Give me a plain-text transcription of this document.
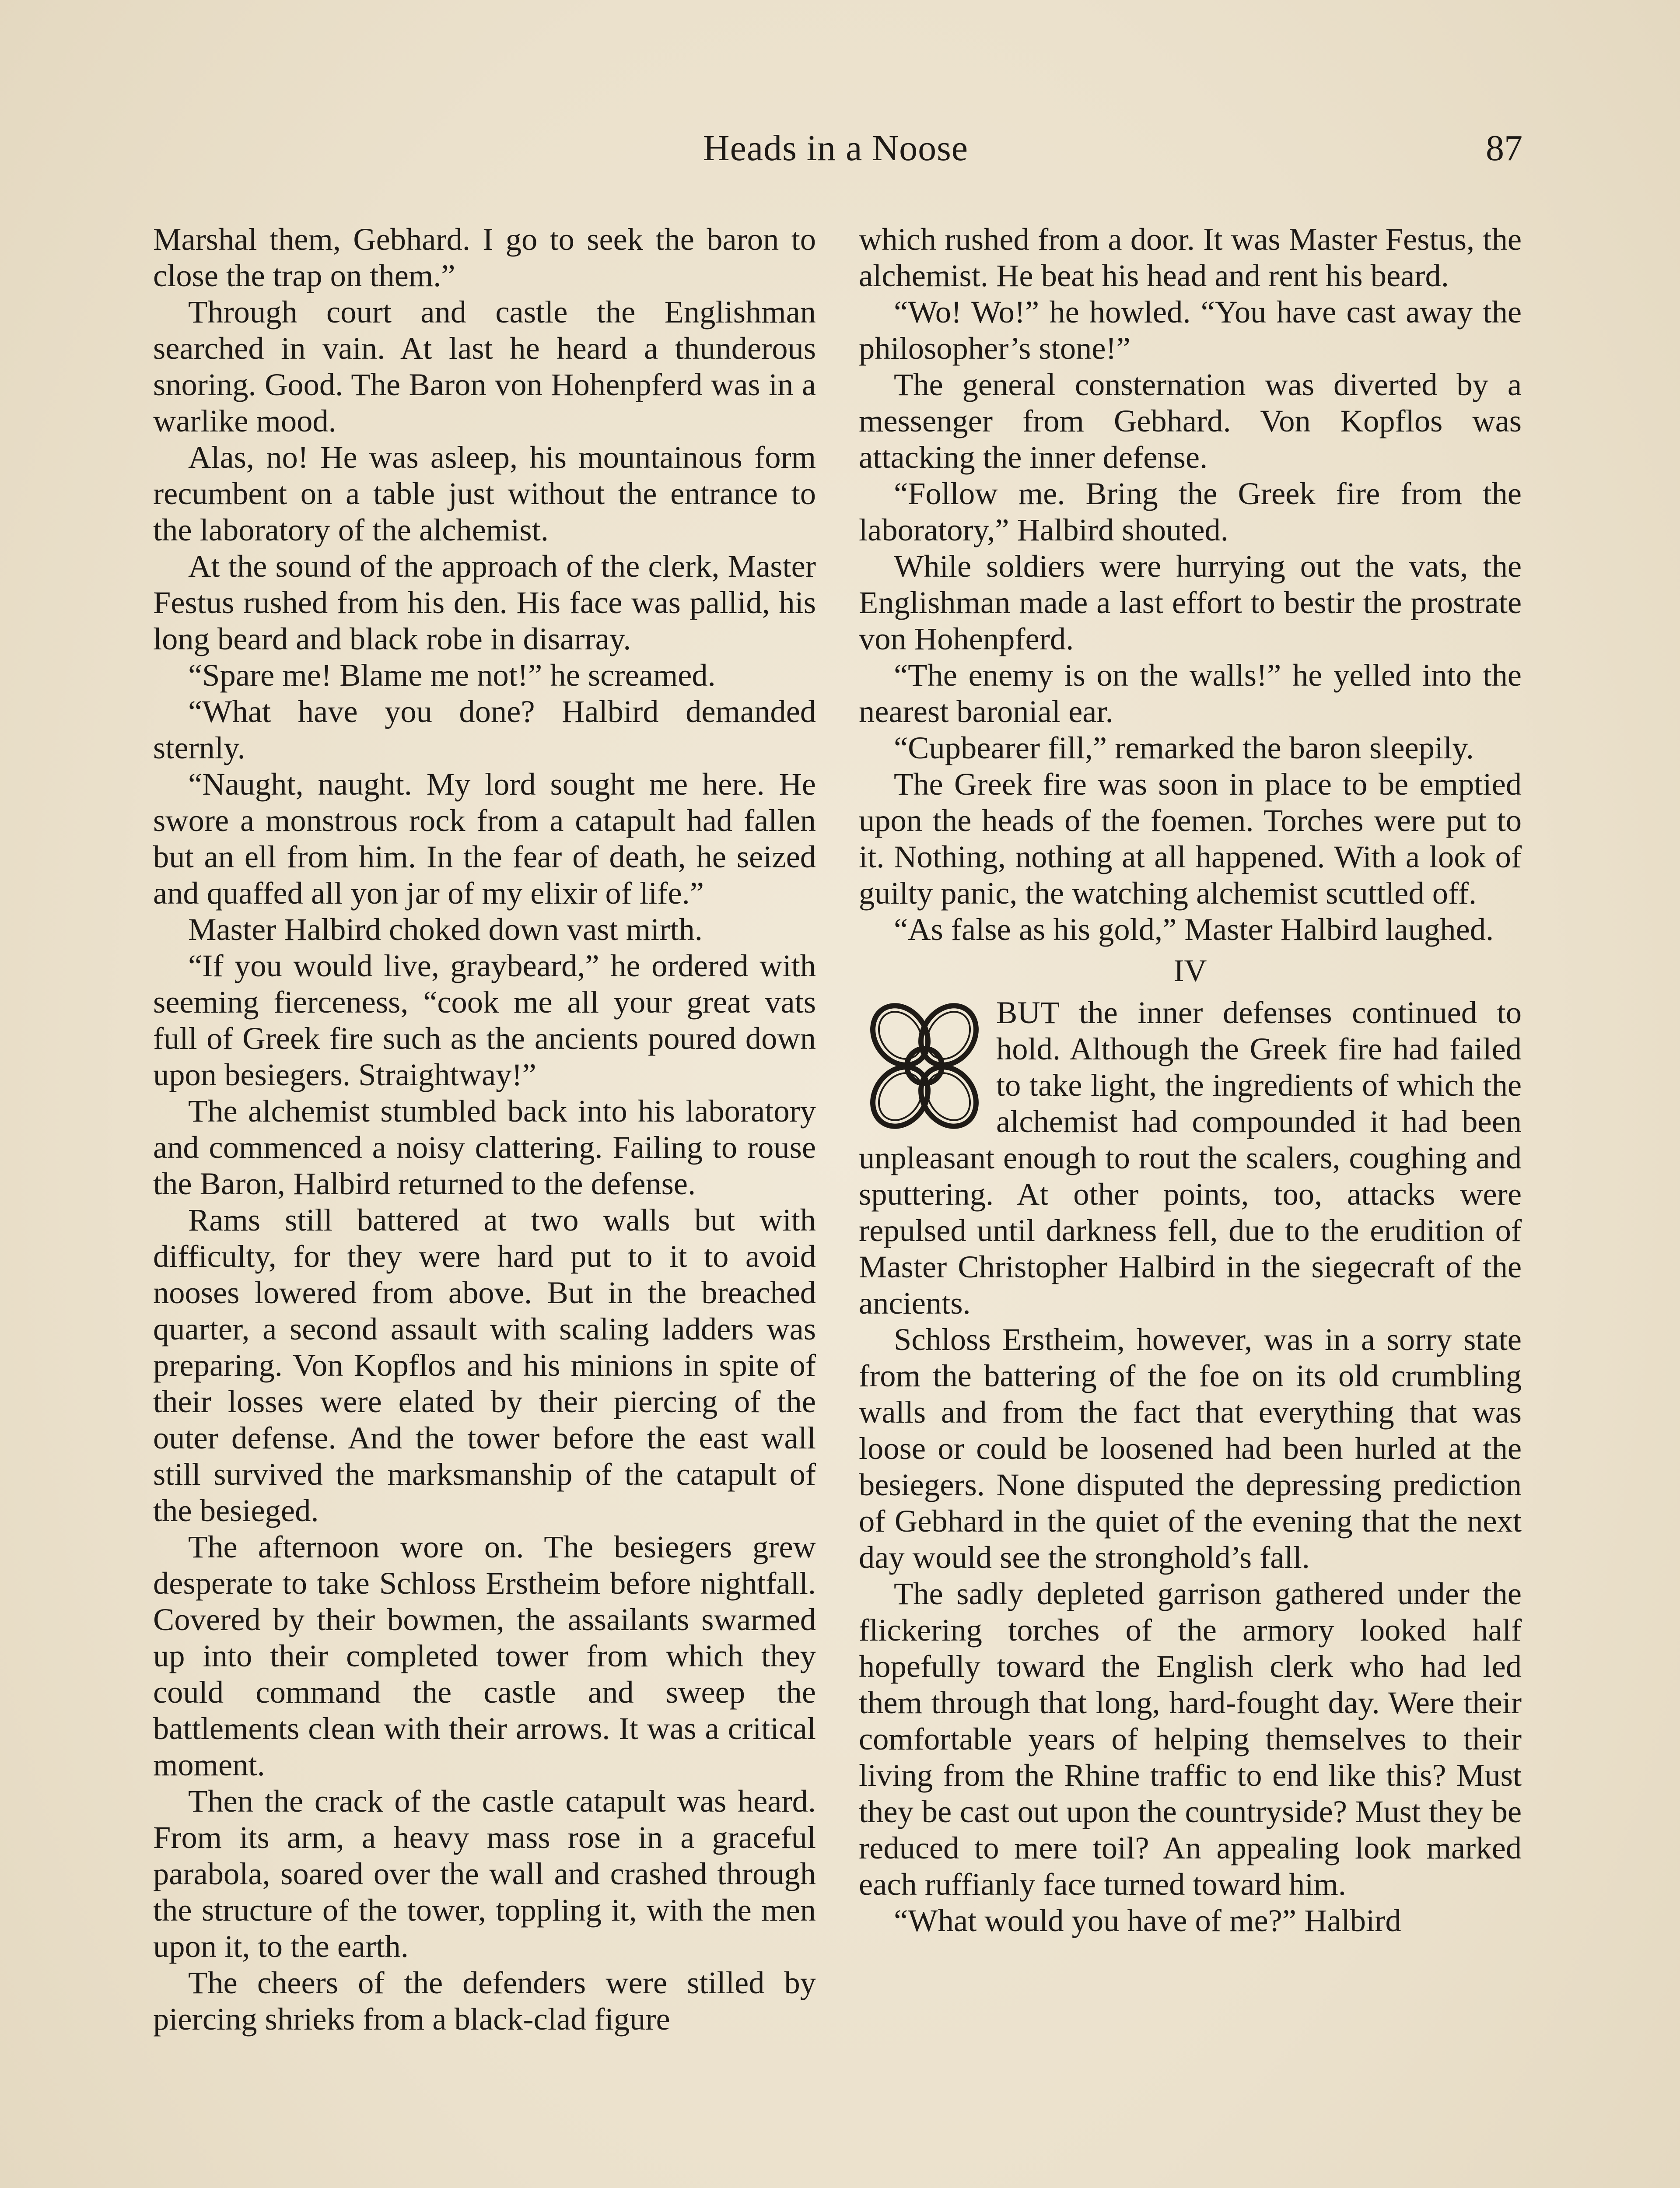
Heads in a Noose	87

Marshal them, Gebhard. I go to seek the baron to close the trap on them.”

Through court and castle the Englishman searched in vain. At last he heard a thunderous snoring. Good. The Baron von Hohenpferd was in a warlike mood.

Alas, no! He was asleep, his mountainous form recumbent on a table just without the entrance to the laboratory of the alchemist.

At the sound of the approach of the clerk, Master Festus rushed from his den. His face was pallid, his long beard and black robe in disarray.

“Spare me! Blame me not!” he screamed.

“What have you done? Halbird demanded sternly.

“Naught, naught. My lord sought me here. He swore a monstrous rock from a catapult had fallen but an ell from him. In the fear of death, he seized and quaffed all yon jar of my elixir of life.”

Master Halbird choked down vast mirth.

“If you would live, graybeard,” he ordered with seeming fierceness, “cook me all your great vats full of Greek fire such as the ancients poured down upon besiegers. Straightway!”

The alchemist stumbled back into his laboratory and commenced a noisy clattering. Failing to rouse the Baron, Halbird returned to the defense.

Rams still battered at two walls but with difficulty, for they were hard put to it to avoid nooses lowered from above. But in the breached quarter, a second assault with scaling ladders was preparing. Von Kopflos and his minions in spite of their losses were elated by their piercing of the outer defense. And the tower before the east wall still survived the marksmanship of the catapult of the besieged.

The afternoon wore on. The besiegers grew desperate to take Schloss Erstheim before nightfall. Covered by their bowmen, the assailants swarmed up into their completed tower from which they could command the castle and sweep the battlements clean with their arrows. It was a critical moment.

Then the crack of the castle catapult was heard. From its arm, a heavy mass rose in a graceful parabola, soared over the wall and crashed through the structure of the tower, toppling it, with the men upon it, to the earth.

The cheers of the defenders were stilled by piercing shrieks from a black-clad figure

which rushed from a door. It was Master Festus, the alchemist. He beat his head and rent his beard.

“Wo! Wo!” he howled. “You have cast away the philosopher’s stone!”

The general consternation was diverted by a messenger from Gebhard. Von Kopflos was attacking the inner defense.

“Follow me. Bring the Greek fire from the laboratory,” Halbird shouted.

While soldiers were hurrying out the vats, the Englishman made a last effort to bestir the prostrate von Hohenpferd.

“The enemy is on the walls!” he yelled into the nearest baronial ear.

“Cupbearer fill,” remarked the baron sleepily.

The Greek fire was soon in place to be emptied upon the heads of the foemen. Torches were put to it. Nothing, nothing at all happened. With a look of guilty panic, the watching alchemist scuttled off.

“As false as his gold,” Master Halbird laughed.

IV

BUT the inner defenses continued to hold. Although the Greek fire had failed to take light, the ingredients of which the alchemist had compounded it had been unpleasant enough to rout the scalers, coughing and sputtering. At other points, too, attacks were repulsed until darkness fell, due to the erudition of Master Christopher Halbird in the siegecraft of the ancients.

Schloss Erstheim, however, was in a sorry state from the battering of the foe on its old crumbling walls and from the fact that everything that was loose or could be loosened had been hurled at the besiegers. None disputed the depressing prediction of Gebhard in the quiet of the evening that the next day would see the stronghold’s fall.

The sadly depleted garrison gathered under the flickering torches of the armory looked half hopefully toward the English clerk who had led them through that long, hard-fought day. Were their comfortable years of helping themselves to their living from the Rhine traffic to end like this? Must they be cast out upon the countryside? Must they be reduced to mere toil? An appealing look marked each ruffianly face turned toward him.

“What would you have of me?” Halbird
